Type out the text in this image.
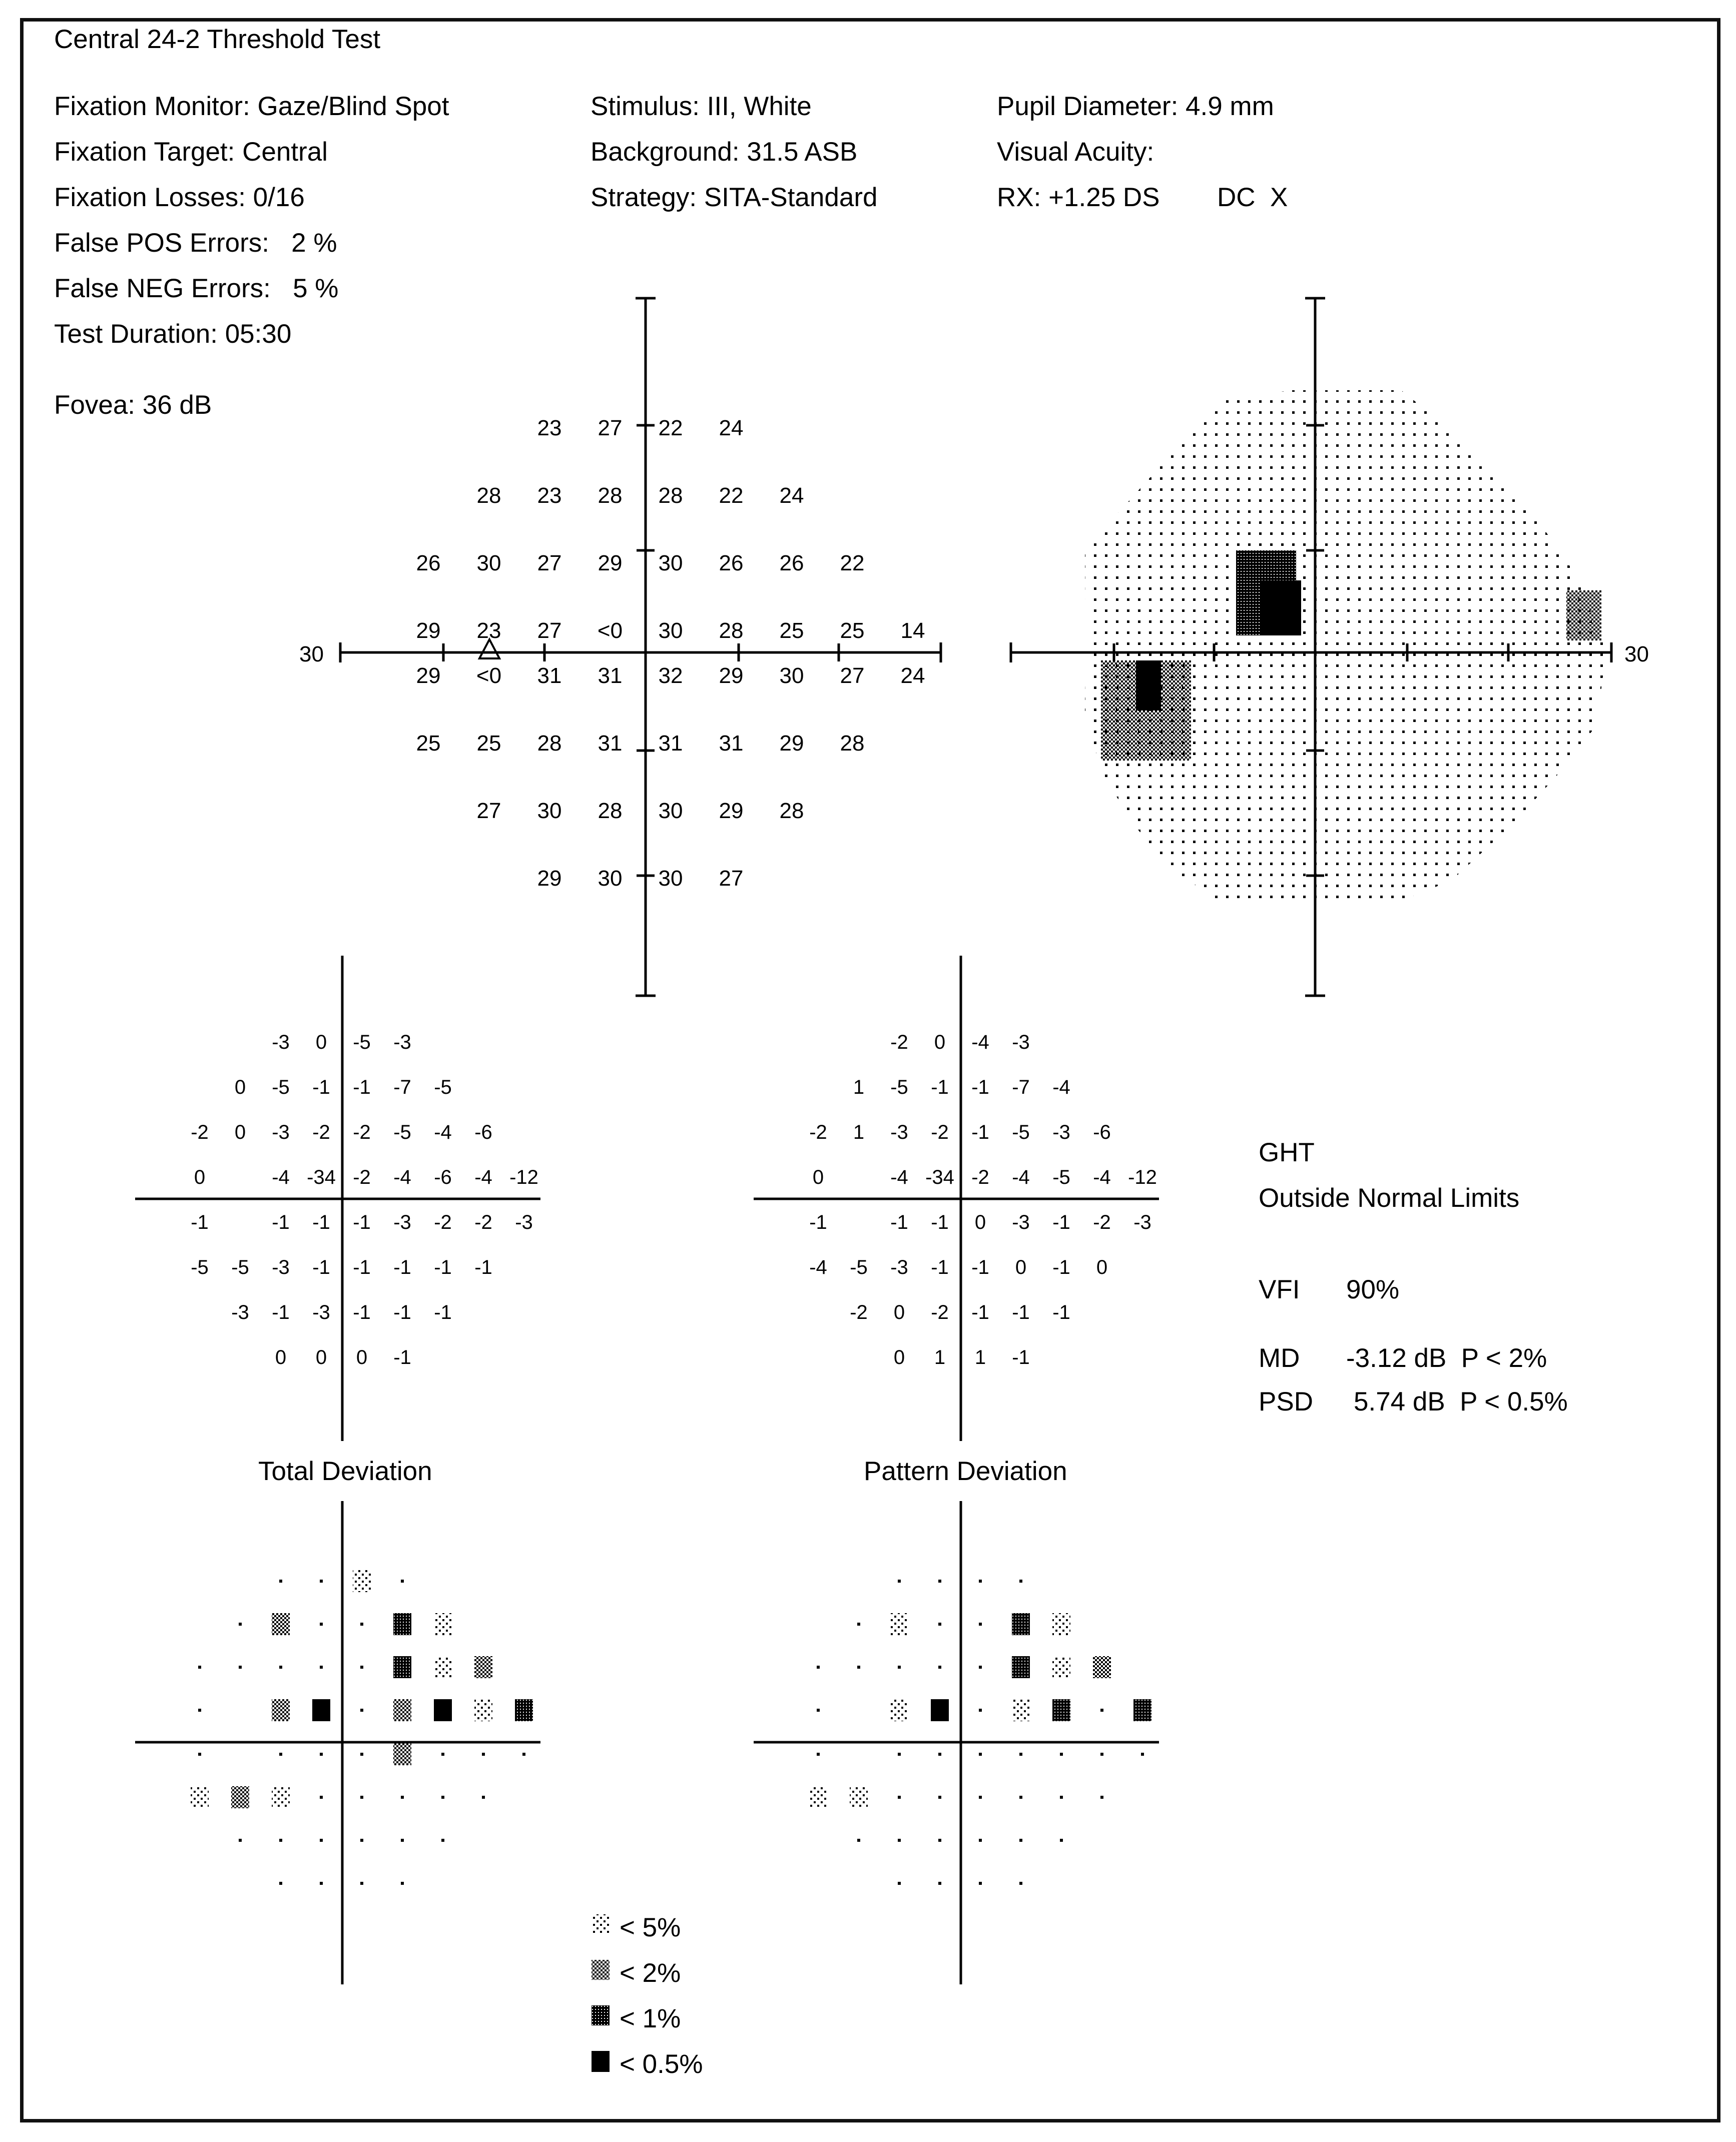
Central 24-2 Threshold Test
Fixation Monitor: Gaze/Blind Spot
Fixation Target: Central
Fixation Losses: 0/16
False POS Errors:   2 %
False NEG Errors:   5 %
Test Duration: 05:30
Fovea: 36 dB
Stimulus: III, White
Background: 31.5 ASB
Strategy: SITA-Standard
Pupil Diameter: 4.9 mm
Visual Acuity:
RX: +1.25 DS DC  X
GHT
Outside Normal Limits
VFI 90%
MD -3.12 dB  P < 2%
PSD 5.74 dB  P < 0.5%
Total Deviation	Pattern Deviation
< 5%
< 2%
< 1%
< 0.5%
30
23 27 22 24
28 23 28 28 22 24
26 30 27 29 30 26 26 22
29 23 27 <0 30 28 25 25 14
29 <0 31 31 32 29 30 27 24
25 25 28 31 31 31 29 28
27 30 28 30 29 28
29 30 30 27
30
-3 0 -5 -3
0 -5 -1 -1 -7 -5
-2 0 -3 -2 -2 -5 -4 -6
0	-4 -34 -2 -4 -6 -4 -12
-1	-1 -1 -1 -3 -2 -2 -3
-5 -5 -3 -1 -1 -1 -1 -1
-3 -1 -3 -1 -1 -1
0 0 0 -1
-2 0 -4 -3
1 -5 -1 -1 -7 -4
-2 1 -3 -2 -1 -5 -3 -6
0	-4 -34 -2 -4 -5 -4 -12
-1	-1 -1 0 -3 -1 -2 -3
-4 -5 -3 -1 -1 0 -1 0
-2 0 -2 -1 -1 -1
0 1 1 -1
